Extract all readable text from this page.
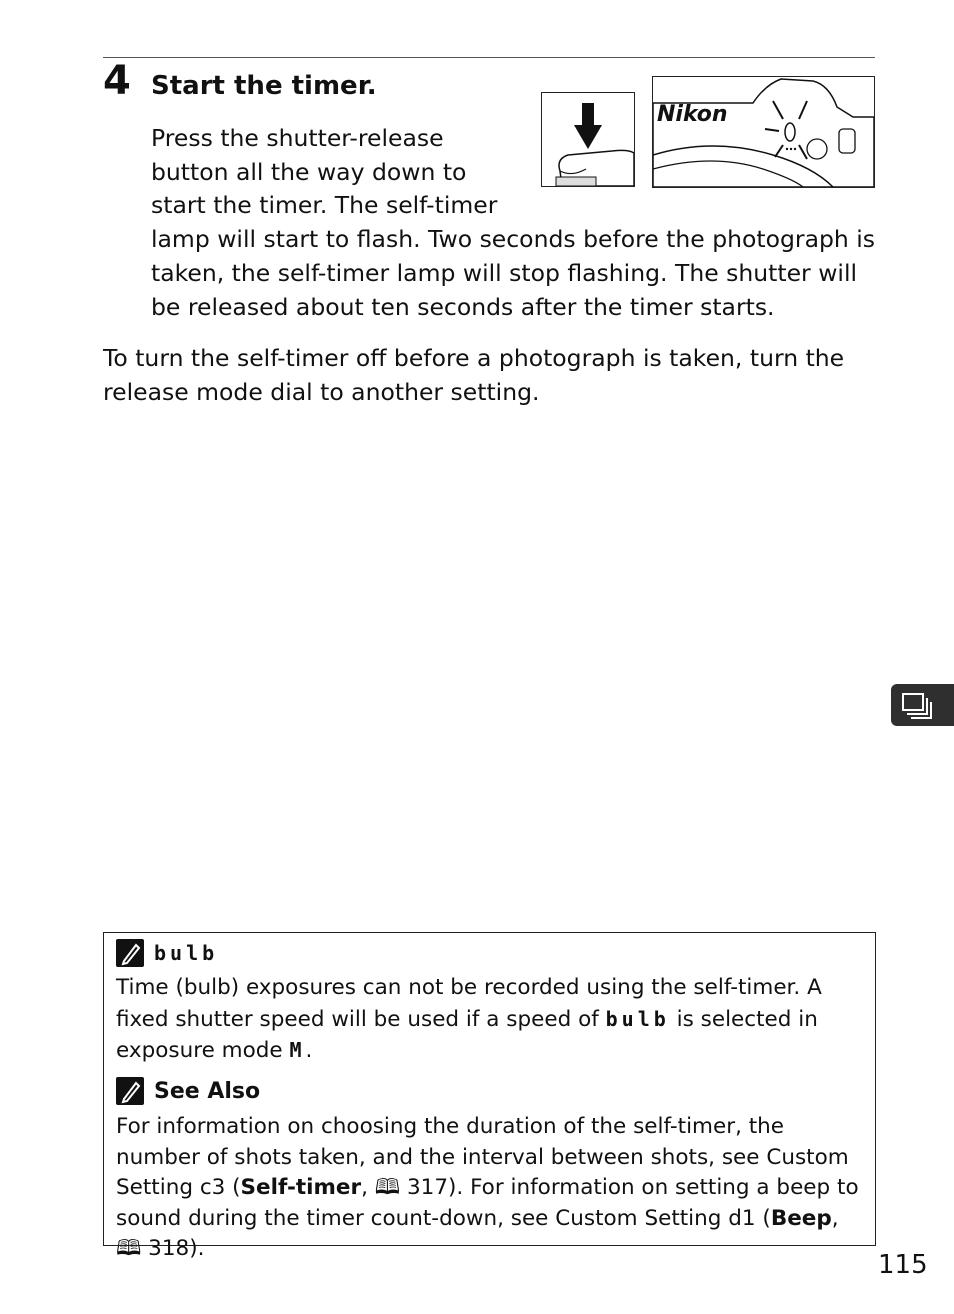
4 Start the timer.

Press the shutter-release button all the way down to start the timer. The self-timer lamp will start to flash. Two seconds before the photograph is taken, the self-timer lamp will stop flashing. The shutter will be released about ten seconds after the timer starts.

Nikon

To turn the self-timer off before a photograph is taken, turn the release mode dial to another setting.

bulb

Time (bulb) exposures can not be recorded using the self-timer. A fixed shutter speed will be used if a speed of bulb is selected in exposure mode M.

See Also

For information on choosing the duration of the self-timer, the number of shots taken, and the interval between shots, see Custom Setting c3 (Self-timer, 🕮 317). For information on setting a beep to sound during the timer count-down, see Custom Setting d1 (Beep, 🕮 318).

115
